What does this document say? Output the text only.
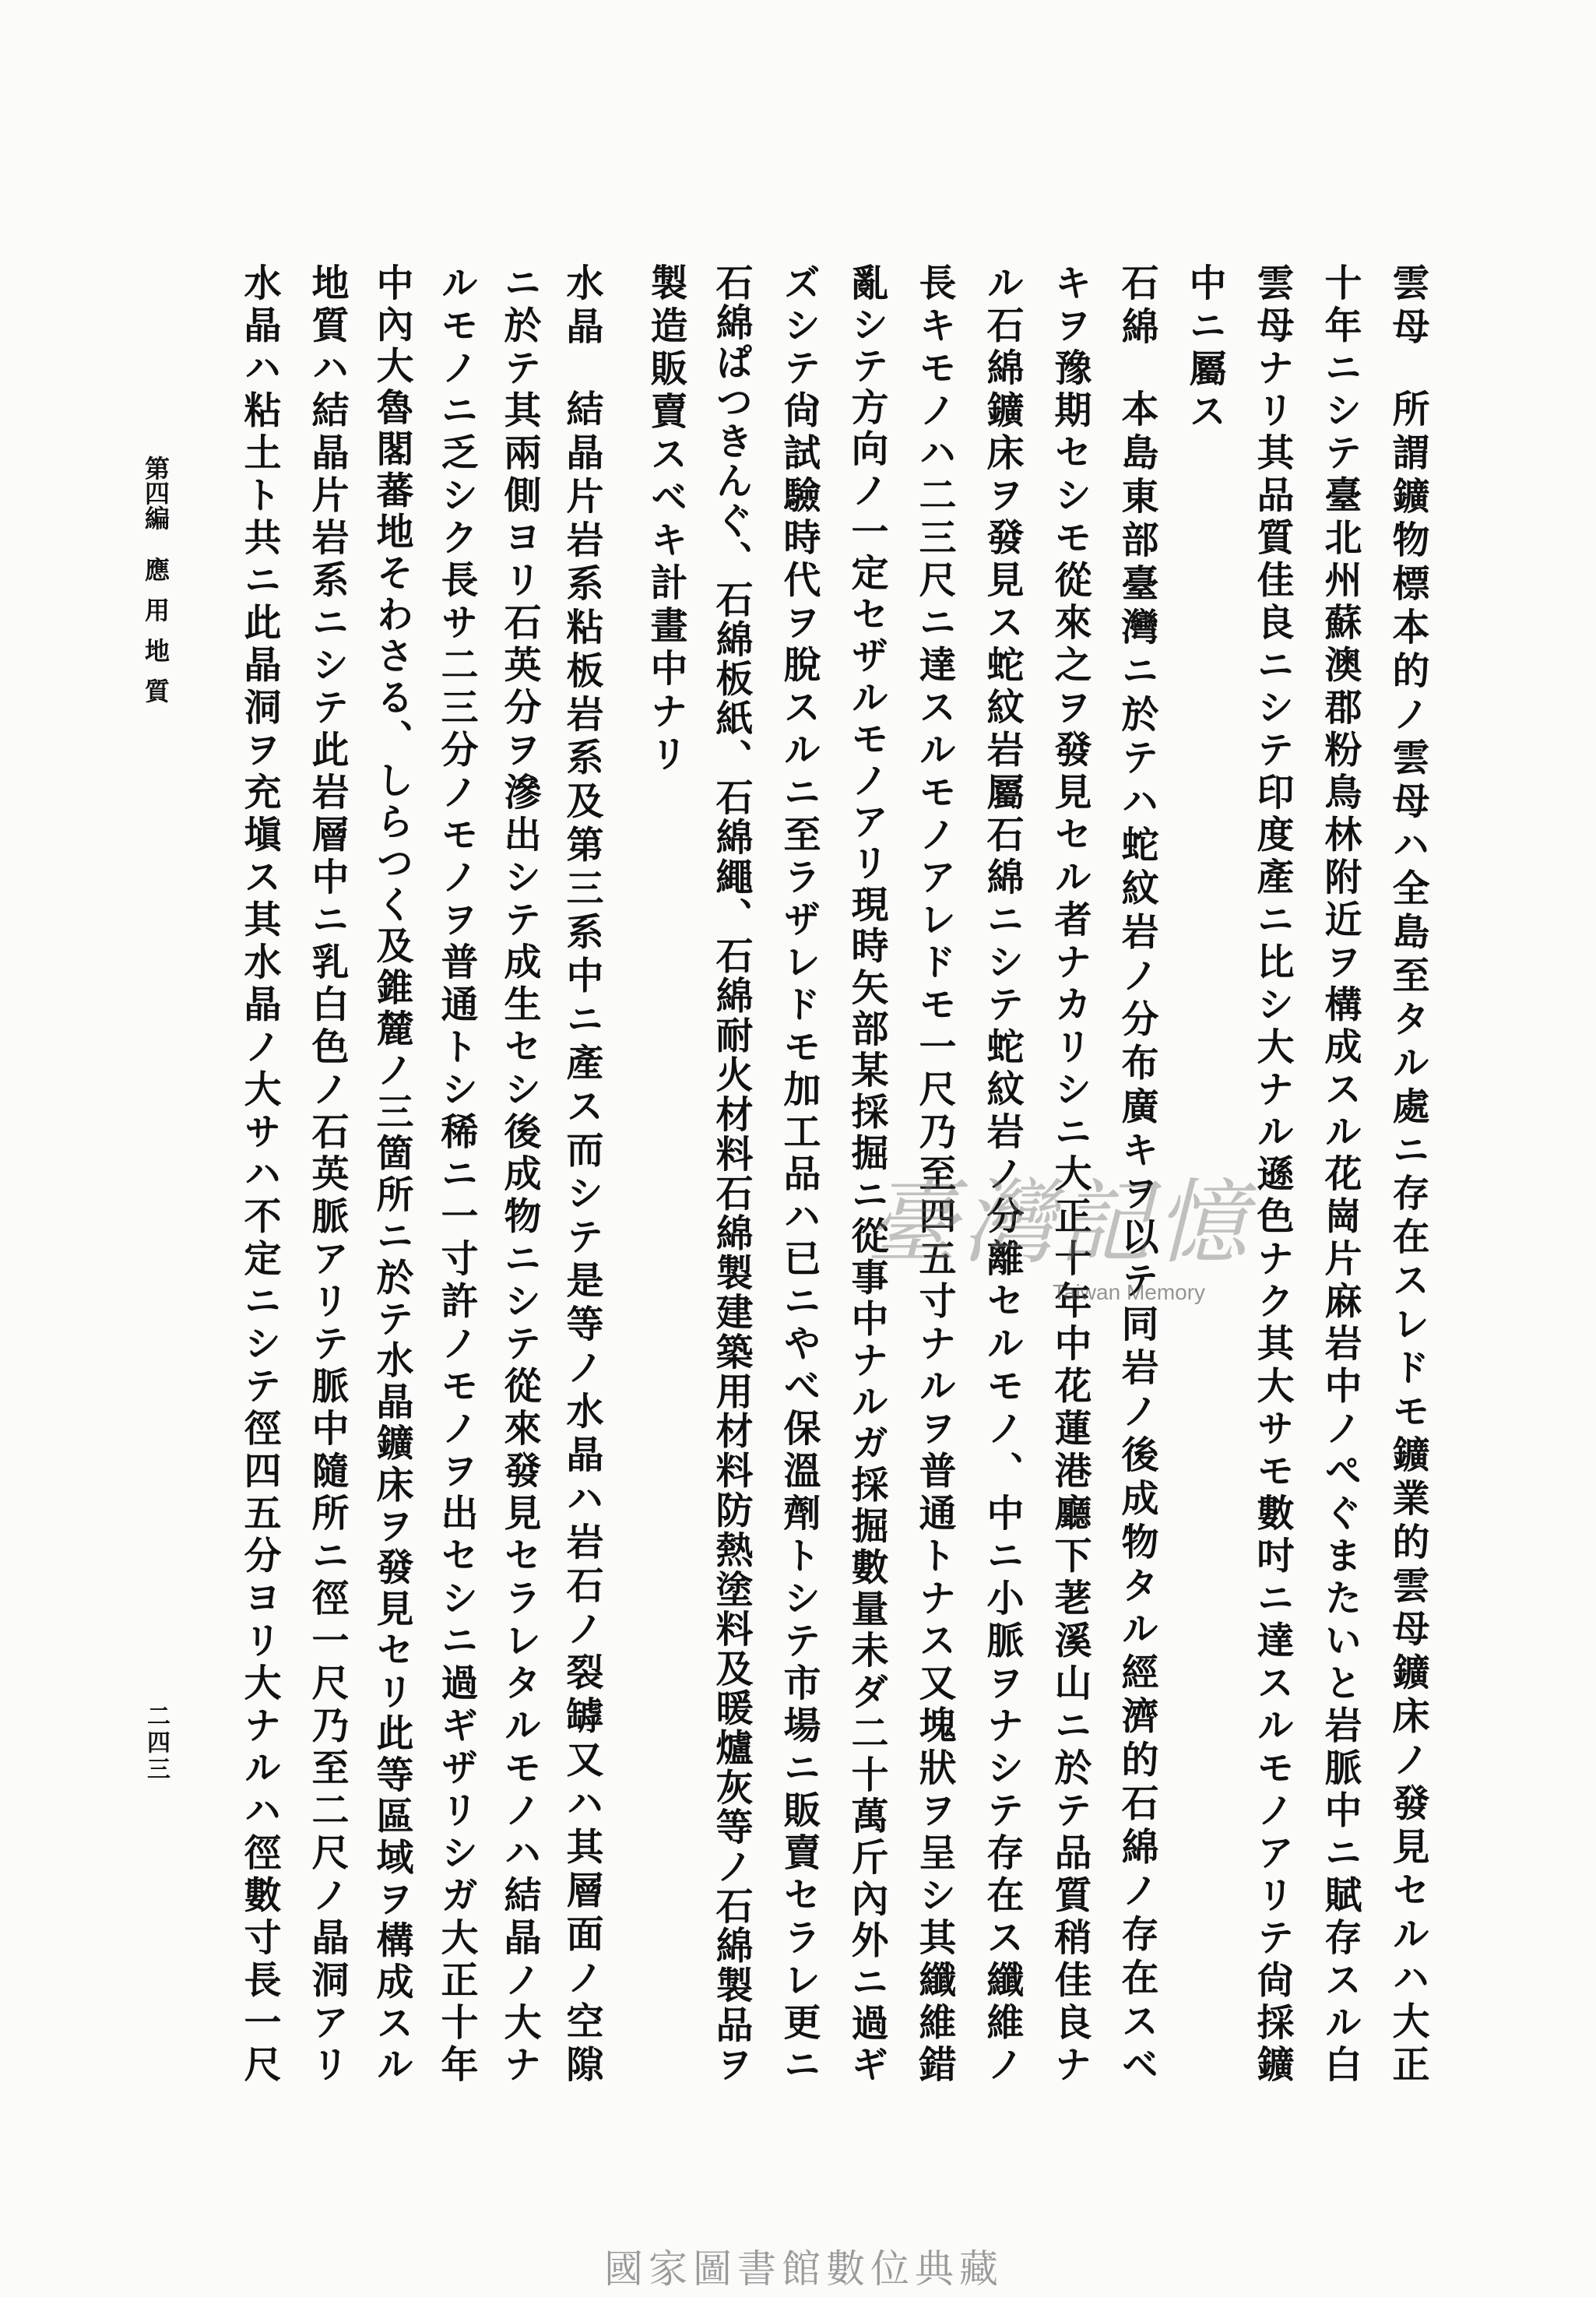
雲母所謂鑛物標本的ノ雲母ハ全島至タル處ニ存在スレドモ鑛業的雲母鑛床ノ發見セルハ大正
十年ニシテ臺北州蘇澳郡粉鳥林附近ヲ構成スル花崗片麻岩中ノぺぐまたいと岩脈中ニ賦存スル白
雲母ナリ其品質佳良ニシテ印度產ニ比シ大ナル遜色ナク其大サモ數吋ニ達スルモノアリテ尙採鑛
中ニ屬ス
石綿本島東部臺灣ニ於テハ蛇紋岩ノ分布廣キヲ以テ同岩ノ後成物タル經濟的石綿ノ存在スベ
キヲ豫期セシモ從來之ヲ發見セル者ナカリシニ大正十年中花蓮港廳下荖溪山ニ於テ品質稍佳良ナ
ル石綿鑛床ヲ發見ス蛇紋岩屬石綿ニシテ蛇紋岩ノ分離セルモノ、中ニ小脈ヲナシテ存在ス纖維ノ
長キモノハ二三尺ニ達スルモノアレドモ一尺乃至四五寸ナルヲ普通トナス又塊狀ヲ呈シ其纖維錯
亂シテ方向ノ一定セザルモノアリ現時矢部某採掘ニ從事中ナルガ採掘數量未ダ二十萬斤內外ニ過ギ
ズシテ尙試驗時代ヲ脫スルニ至ラザレドモ加工品ハ已ニやべ保溫劑トシテ市場ニ販賣セラレ更ニ
石綿ぱつきんぐ、石綿板紙、石綿繩、石綿耐火材料石綿製建築用材料防熱塗料及暖爐灰等ノ石綿製品ヲ
製造販賣スベキ計畫中ナリ
水晶結晶片岩系粘板岩系及第三系中ニ產ス而シテ是等ノ水晶ハ岩石ノ裂罅又ハ其層面ノ空隙
ニ於テ其兩側ヨリ石英分ヲ滲出シテ成生セシ後成物ニシテ從來發見セラレタルモノハ結晶ノ大ナ
ルモノニ乏シク長サ二三分ノモノヲ普通トシ稀ニ一寸許ノモノヲ出セシニ過ギザリシガ大正十年
中內大魯閣蕃地そわさる、しらつく及錐麓ノ三箇所ニ於テ水晶鑛床ヲ發見セリ此等區域ヲ構成スル
地質ハ結晶片岩系ニシテ此岩層中ニ乳白色ノ石英脈アリテ脈中隨所ニ徑一尺乃至二尺ノ晶洞アリ
水晶ハ粘土ト共ニ此晶洞ヲ充塡ス其水晶ノ大サハ不定ニシテ徑四五分ヨリ大ナルハ徑數寸長一尺
第四編應用地質
二四三
臺灣記憶
Taiwan Memory
國家圖書館數位典藏
